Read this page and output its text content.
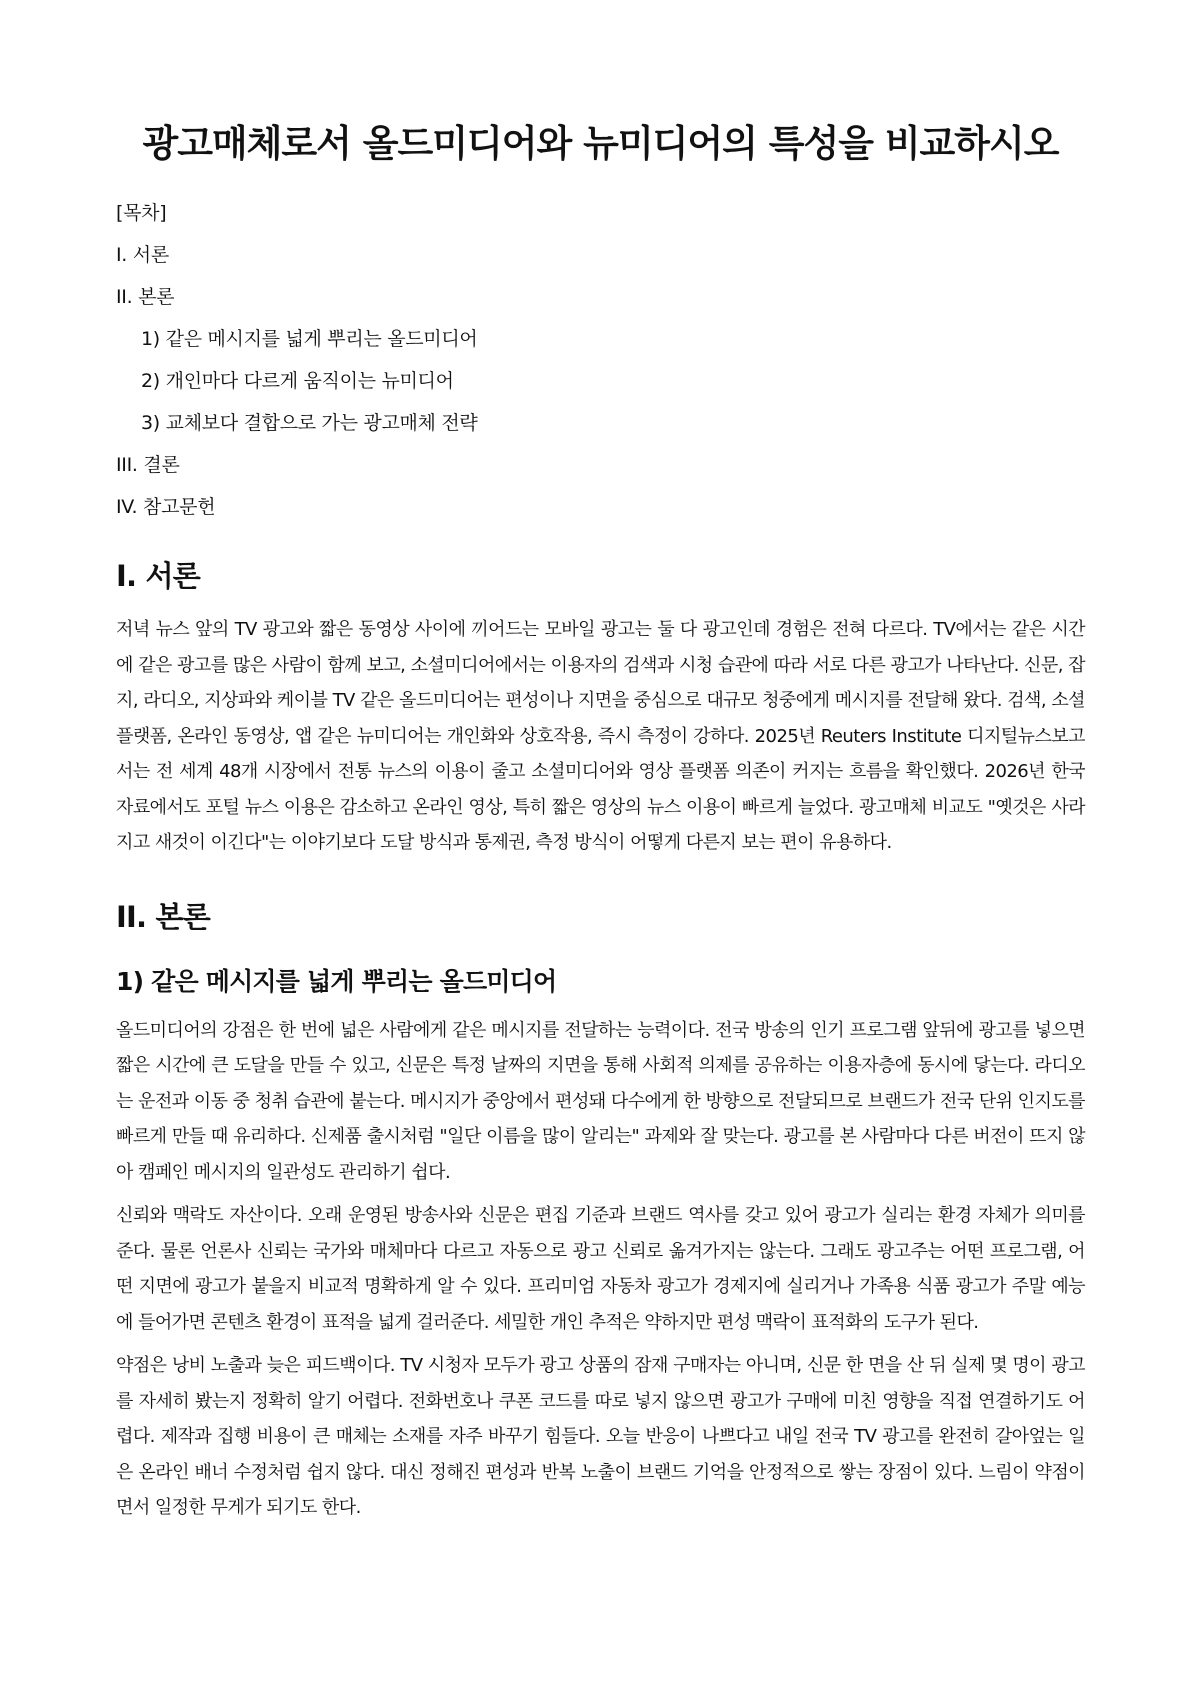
광고매체로서 올드미디어와 뉴미디어의 특성을 비교하시오
[목차]
I. 서론
II. 본론
1) 같은 메시지를 넓게 뿌리는 올드미디어
2) 개인마다 다르게 움직이는 뉴미디어
3) 교체보다 결합으로 가는 광고매체 전략
III. 결론
IV. 참고문헌
I. 서론

저녁 뉴스 앞의 TV 광고와 짧은 동영상 사이에 끼어드는 모바일 광고는 둘 다 광고인데 경험은 전혀 다르다. TV에서는 같은 시간에 같은 광고를 많은 사람이 함께 보고, 소셜미디어에서는 이용자의 검색과 시청 습관에 따라 서로 다른 광고가 나타난다. 신문, 잡지, 라디오, 지상파와 케이블 TV 같은 올드미디어는 편성이나 지면을 중심으로 대규모 청중에게 메시지를 전달해 왔다. 검색, 소셜 플랫폼, 온라인 동영상, 앱 같은 뉴미디어는 개인화와 상호작용, 즉시 측정이 강하다. 2025년 Reuters Institute 디지털뉴스보고서는 전 세계 48개 시장에서 전통 뉴스의 이용이 줄고 소셜미디어와 영상 플랫폼 의존이 커지는 흐름을 확인했다. 2026년 한국 자료에서도 포털 뉴스 이용은 감소하고 온라인 영상, 특히 짧은 영상의 뉴스 이용이 빠르게 늘었다. 광고매체 비교도 "옛것은 사라지고 새것이 이긴다"는 이야기보다 도달 방식과 통제권, 측정 방식이 어떻게 다른지 보는 편이 유용하다.

II. 본론
1) 같은 메시지를 넓게 뿌리는 올드미디어

올드미디어의 강점은 한 번에 넓은 사람에게 같은 메시지를 전달하는 능력이다. 전국 방송의 인기 프로그램 앞뒤에 광고를 넣으면 짧은 시간에 큰 도달을 만들 수 있고, 신문은 특정 날짜의 지면을 통해 사회적 의제를 공유하는 이용자층에 동시에 닿는다. 라디오는 운전과 이동 중 청취 습관에 붙는다. 메시지가 중앙에서 편성돼 다수에게 한 방향으로 전달되므로 브랜드가 전국 단위 인지도를 빠르게 만들 때 유리하다. 신제품 출시처럼 "일단 이름을 많이 알리는" 과제와 잘 맞는다. 광고를 본 사람마다 다른 버전이 뜨지 않아 캠페인 메시지의 일관성도 관리하기 쉽다.

신뢰와 맥락도 자산이다. 오래 운영된 방송사와 신문은 편집 기준과 브랜드 역사를 갖고 있어 광고가 실리는 환경 자체가 의미를 준다. 물론 언론사 신뢰는 국가와 매체마다 다르고 자동으로 광고 신뢰로 옮겨가지는 않는다. 그래도 광고주는 어떤 프로그램, 어떤 지면에 광고가 붙을지 비교적 명확하게 알 수 있다. 프리미엄 자동차 광고가 경제지에 실리거나 가족용 식품 광고가 주말 예능에 들어가면 콘텐츠 환경이 표적을 넓게 걸러준다. 세밀한 개인 추적은 약하지만 편성 맥락이 표적화의 도구가 된다.

약점은 낭비 노출과 늦은 피드백이다. TV 시청자 모두가 광고 상품의 잠재 구매자는 아니며, 신문 한 면을 산 뒤 실제 몇 명이 광고를 자세히 봤는지 정확히 알기 어렵다. 전화번호나 쿠폰 코드를 따로 넣지 않으면 광고가 구매에 미친 영향을 직접 연결하기도 어렵다. 제작과 집행 비용이 큰 매체는 소재를 자주 바꾸기 힘들다. 오늘 반응이 나쁘다고 내일 전국 TV 광고를 완전히 갈아엎는 일은 온라인 배너 수정처럼 쉽지 않다. 대신 정해진 편성과 반복 노출이 브랜드 기억을 안정적으로 쌓는 장점이 있다. 느림이 약점이면서 일정한 무게가 되기도 한다.
